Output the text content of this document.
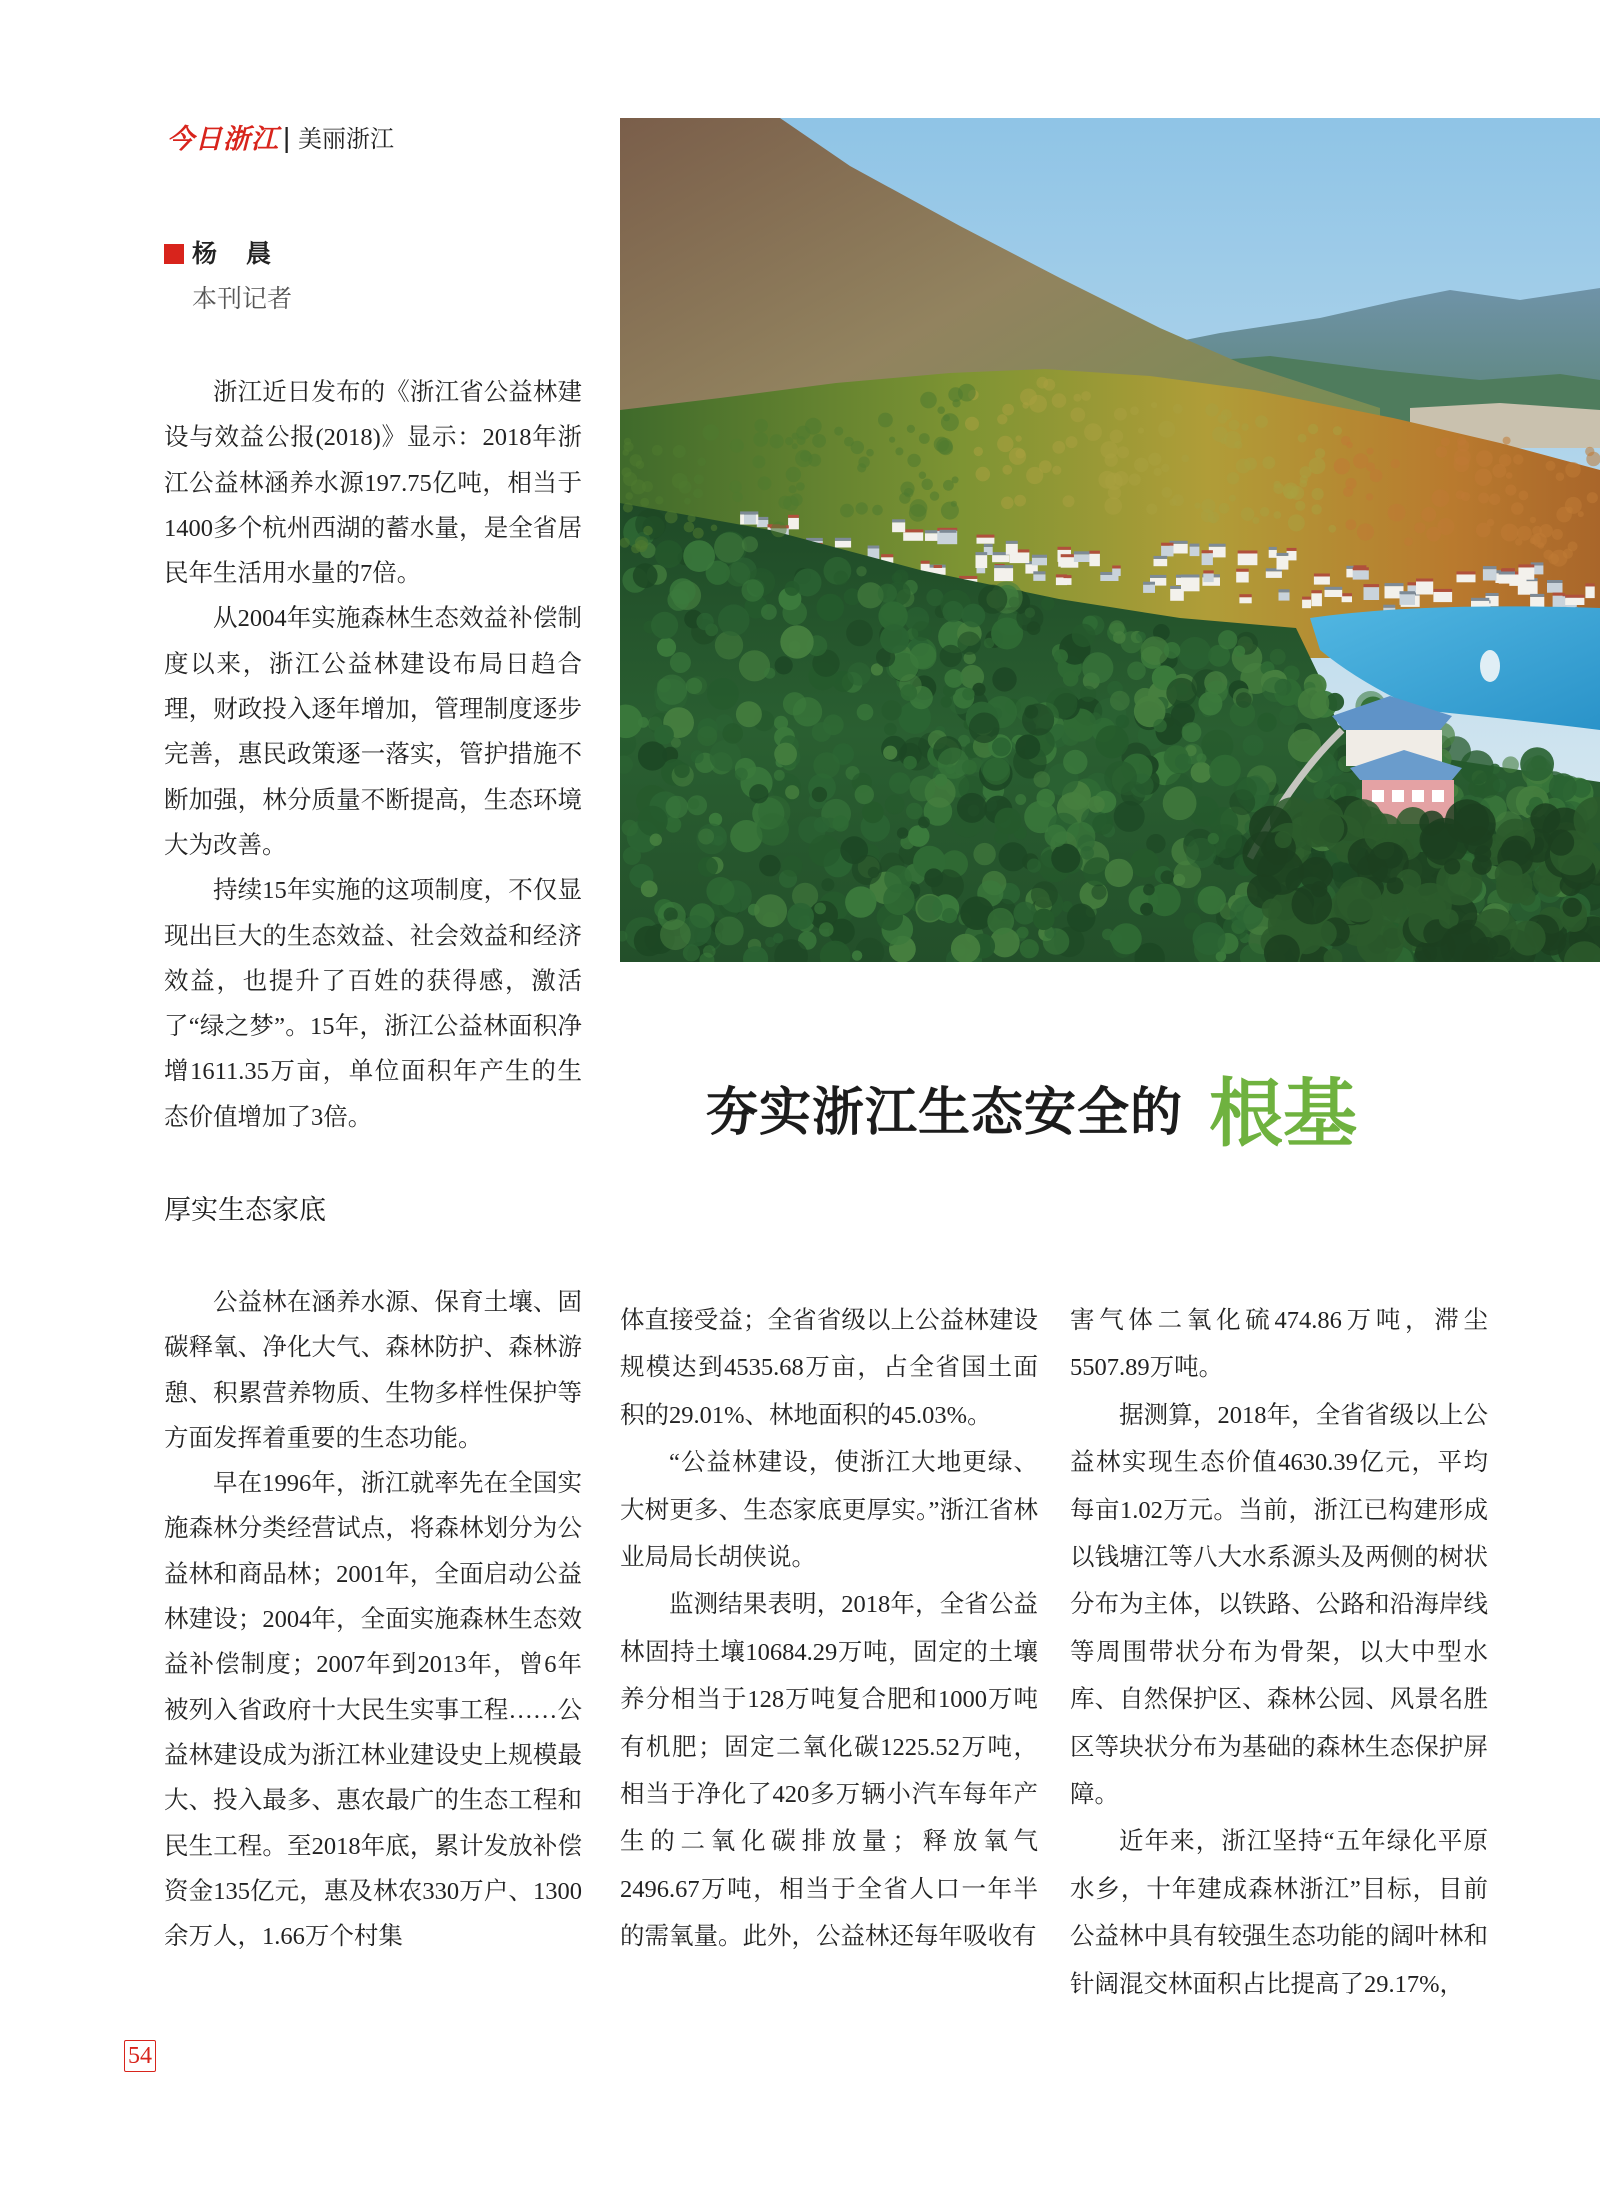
今日浙江 | 美丽浙江
杨　晨
本刊记者

浙江近日发布的《浙江省公益林建设与效益公报(2018)》显示：2018年浙江公益林涵养水源197.75亿吨，相当于1400多个杭州西湖的蓄水量，是全省居民年生活用水量的7倍。

从2004年实施森林生态效益补偿制度以来，浙江公益林建设布局日趋合理，财政投入逐年增加，管理制度逐步完善，惠民政策逐一落实，管护措施不断加强，林分质量不断提高，生态环境大为改善。

持续15年实施的这项制度，不仅显现出巨大的生态效益、社会效益和经济效益，也提升了百姓的获得感，激活了“绿之梦”。15年，浙江公益林面积净增1611.35万亩，单位面积年产生的生态价值增加了3倍。	夯实浙江生态安全的 根基
厚实生态家底

公益林在涵养水源、保育土壤、固碳释氧、净化大气、森林防护、森林游憩、积累营养物质、生物多样性保护等方面发挥着重要的生态功能。

早在1996年，浙江就率先在全国实施森林分类经营试点，将森林划分为公益林和商品林；2001年，全面启动公益林建设；2004年，全面实施森林生态效益补偿制度；2007年到2013年，曾6年被列入省政府十大民生实事工程……公益林建设成为浙江林业建设史上规模最大、投入最多、惠农最广的生态工程和民生工程。至2018年底，累计发放补偿资金135亿元，惠及林农330万户、1300余万人，1.66万个村集

体直接受益；全省省级以上公益林建设规模达到4535.68万亩，占全省国土面积的29.01%、林地面积的45.03%。

“公益林建设，使浙江大地更绿、大树更多、生态家底更厚实。”浙江省林业局局长胡侠说。

监测结果表明，2018年，全省公益林固持土壤10684.29万吨，固定的土壤养分相当于128万吨复合肥和1000万吨有机肥；固定二氧化碳1225.52万吨，相当于净化了420多万辆小汽车每年产生的二氧化碳排放量；释放氧气2496.67万吨，相当于全省人口一年半的需氧量。此外，公益林还每年吸收有

害气体二氧化硫474.86万吨，滞尘5507.89万吨。

据测算，2018年，全省省级以上公益林实现生态价值4630.39亿元，平均每亩1.02万元。当前，浙江已构建形成以钱塘江等八大水系源头及两侧的树状分布为主体，以铁路、公路和沿海岸线等周围带状分布为骨架，以大中型水库、自然保护区、森林公园、风景名胜区等块状分布为基础的森林生态保护屏障。

近年来，浙江坚持“五年绿化平原水乡，十年建成森林浙江”目标，目前公益林中具有较强生态功能的阔叶林和针阔混交林面积占比提高了29.17%，

54
